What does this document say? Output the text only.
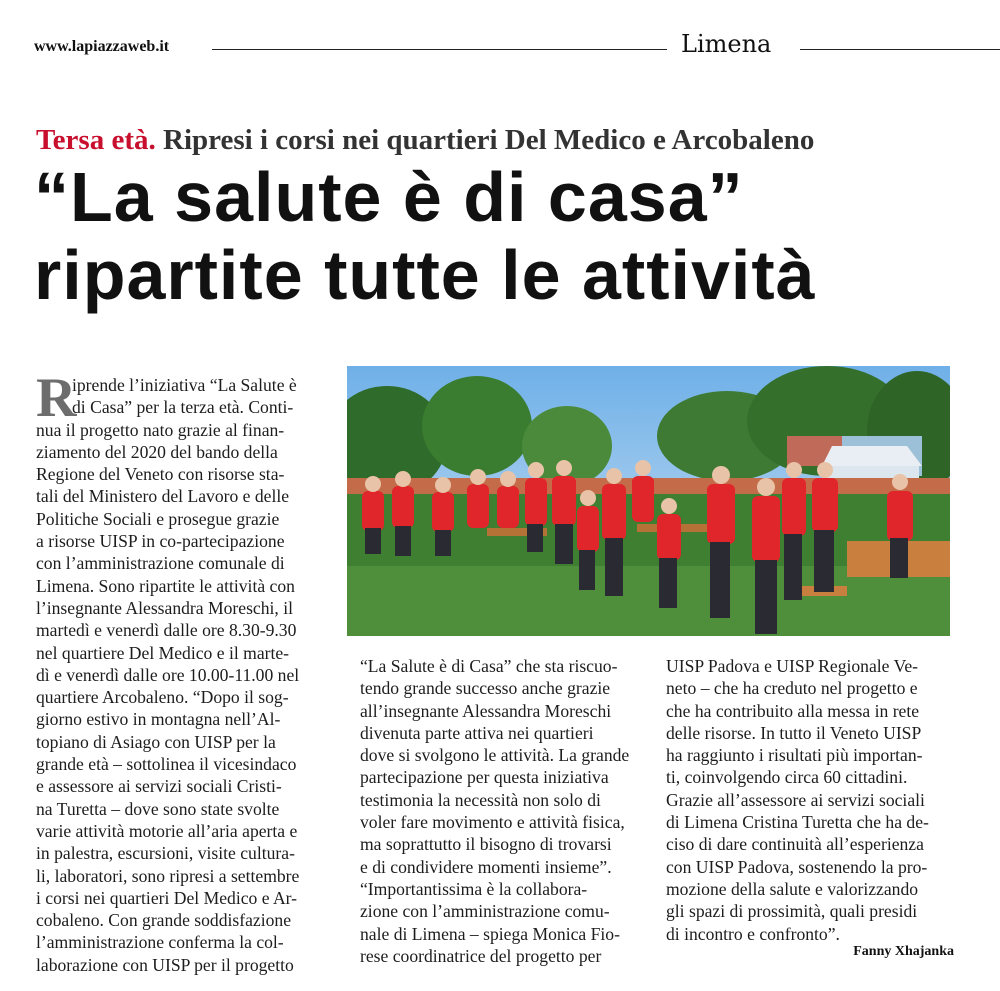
www.lapiazzaweb.it	Limena
Tersa età. Ripresi i corsi nei quartieri Del Medico e Arcobaleno
“La salute è di casa”
ripartite tutte le attività
R
iprende l’iniziativa “La Salute è
di Casa” per la terza età. Conti-
nua il progetto nato grazie al finan-
ziamento del 2020 del bando della
Regione del Veneto con risorse sta-
tali del Ministero del Lavoro e delle
Politiche Sociali e prosegue grazie
a risorse UISP in co-partecipazione
con l’amministrazione comunale di
Limena. Sono ripartite le attività con
l’insegnante Alessandra Moreschi, il
martedì e venerdì dalle ore 8.30-9.30
nel quartiere Del Medico e il marte-
dì e venerdì dalle ore 10.00-11.00 nel
quartiere Arcobaleno. “Dopo il sog-
giorno estivo in montagna nell’Al-
topiano di Asiago con UISP per la
grande età – sottolinea il vicesindaco
e assessore ai servizi sociali Cristi-
na Turetta – dove sono state svolte
varie attività motorie all’aria aperta e
in palestra, escursioni, visite cultura-
li, laboratori, sono ripresi a settembre
i corsi nei quartieri Del Medico e Ar-
cobaleno. Con grande soddisfazione
l’amministrazione conferma la col-
laborazione con UISP per il progetto
“La Salute è di Casa” che sta riscuo-
tendo grande successo anche grazie
all’insegnante Alessandra Moreschi
divenuta parte attiva nei quartieri
dove si svolgono le attività. La grande
partecipazione per questa iniziativa
testimonia la necessità non solo di
voler fare movimento e attività fisica,
ma soprattutto il bisogno di trovarsi
e di condividere momenti insieme”.
“Importantissima è la collabora-
zione con l’amministrazione comu-
nale di Limena – spiega Monica Fio-
rese coordinatrice del progetto per
UISP Padova e UISP Regionale Ve-
neto – che ha creduto nel progetto e
che ha contribuito alla messa in rete
delle risorse. In tutto il Veneto UISP
ha raggiunto i risultati più importan-
ti, coinvolgendo circa 60 cittadini.
Grazie all’assessore ai servizi sociali
di Limena Cristina Turetta che ha de-
ciso di dare continuità all’esperienza
con UISP Padova, sostenendo la pro-
mozione della salute e valorizzando
gli spazi di prossimità, quali presidi
di incontro e confronto”.
Fanny Xhajanka
